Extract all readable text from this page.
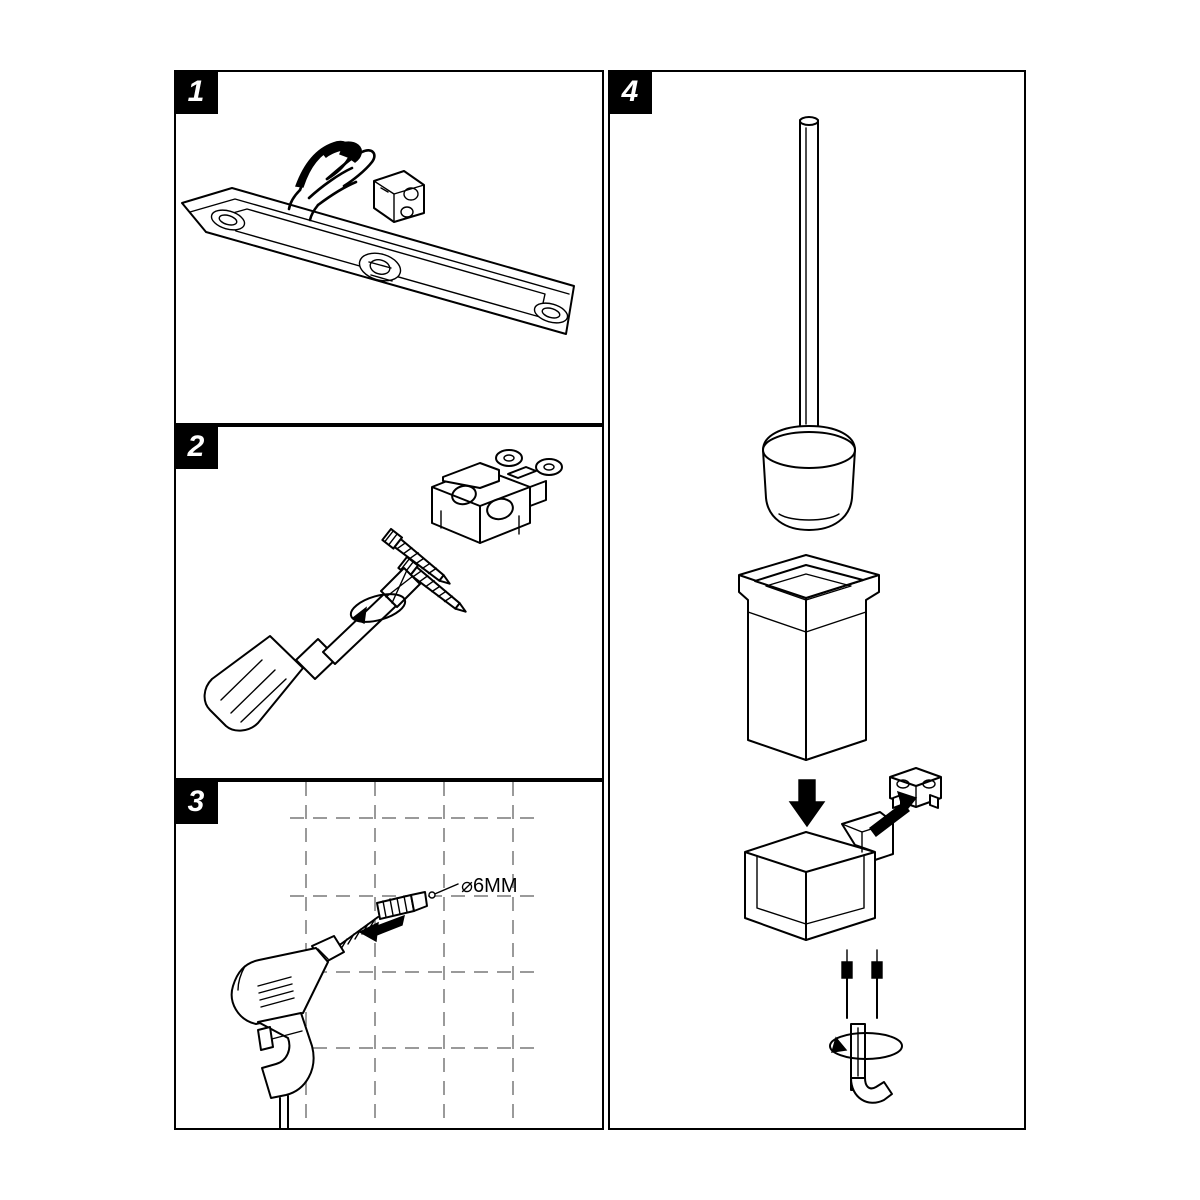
1
2
3
4
⌀6MM
